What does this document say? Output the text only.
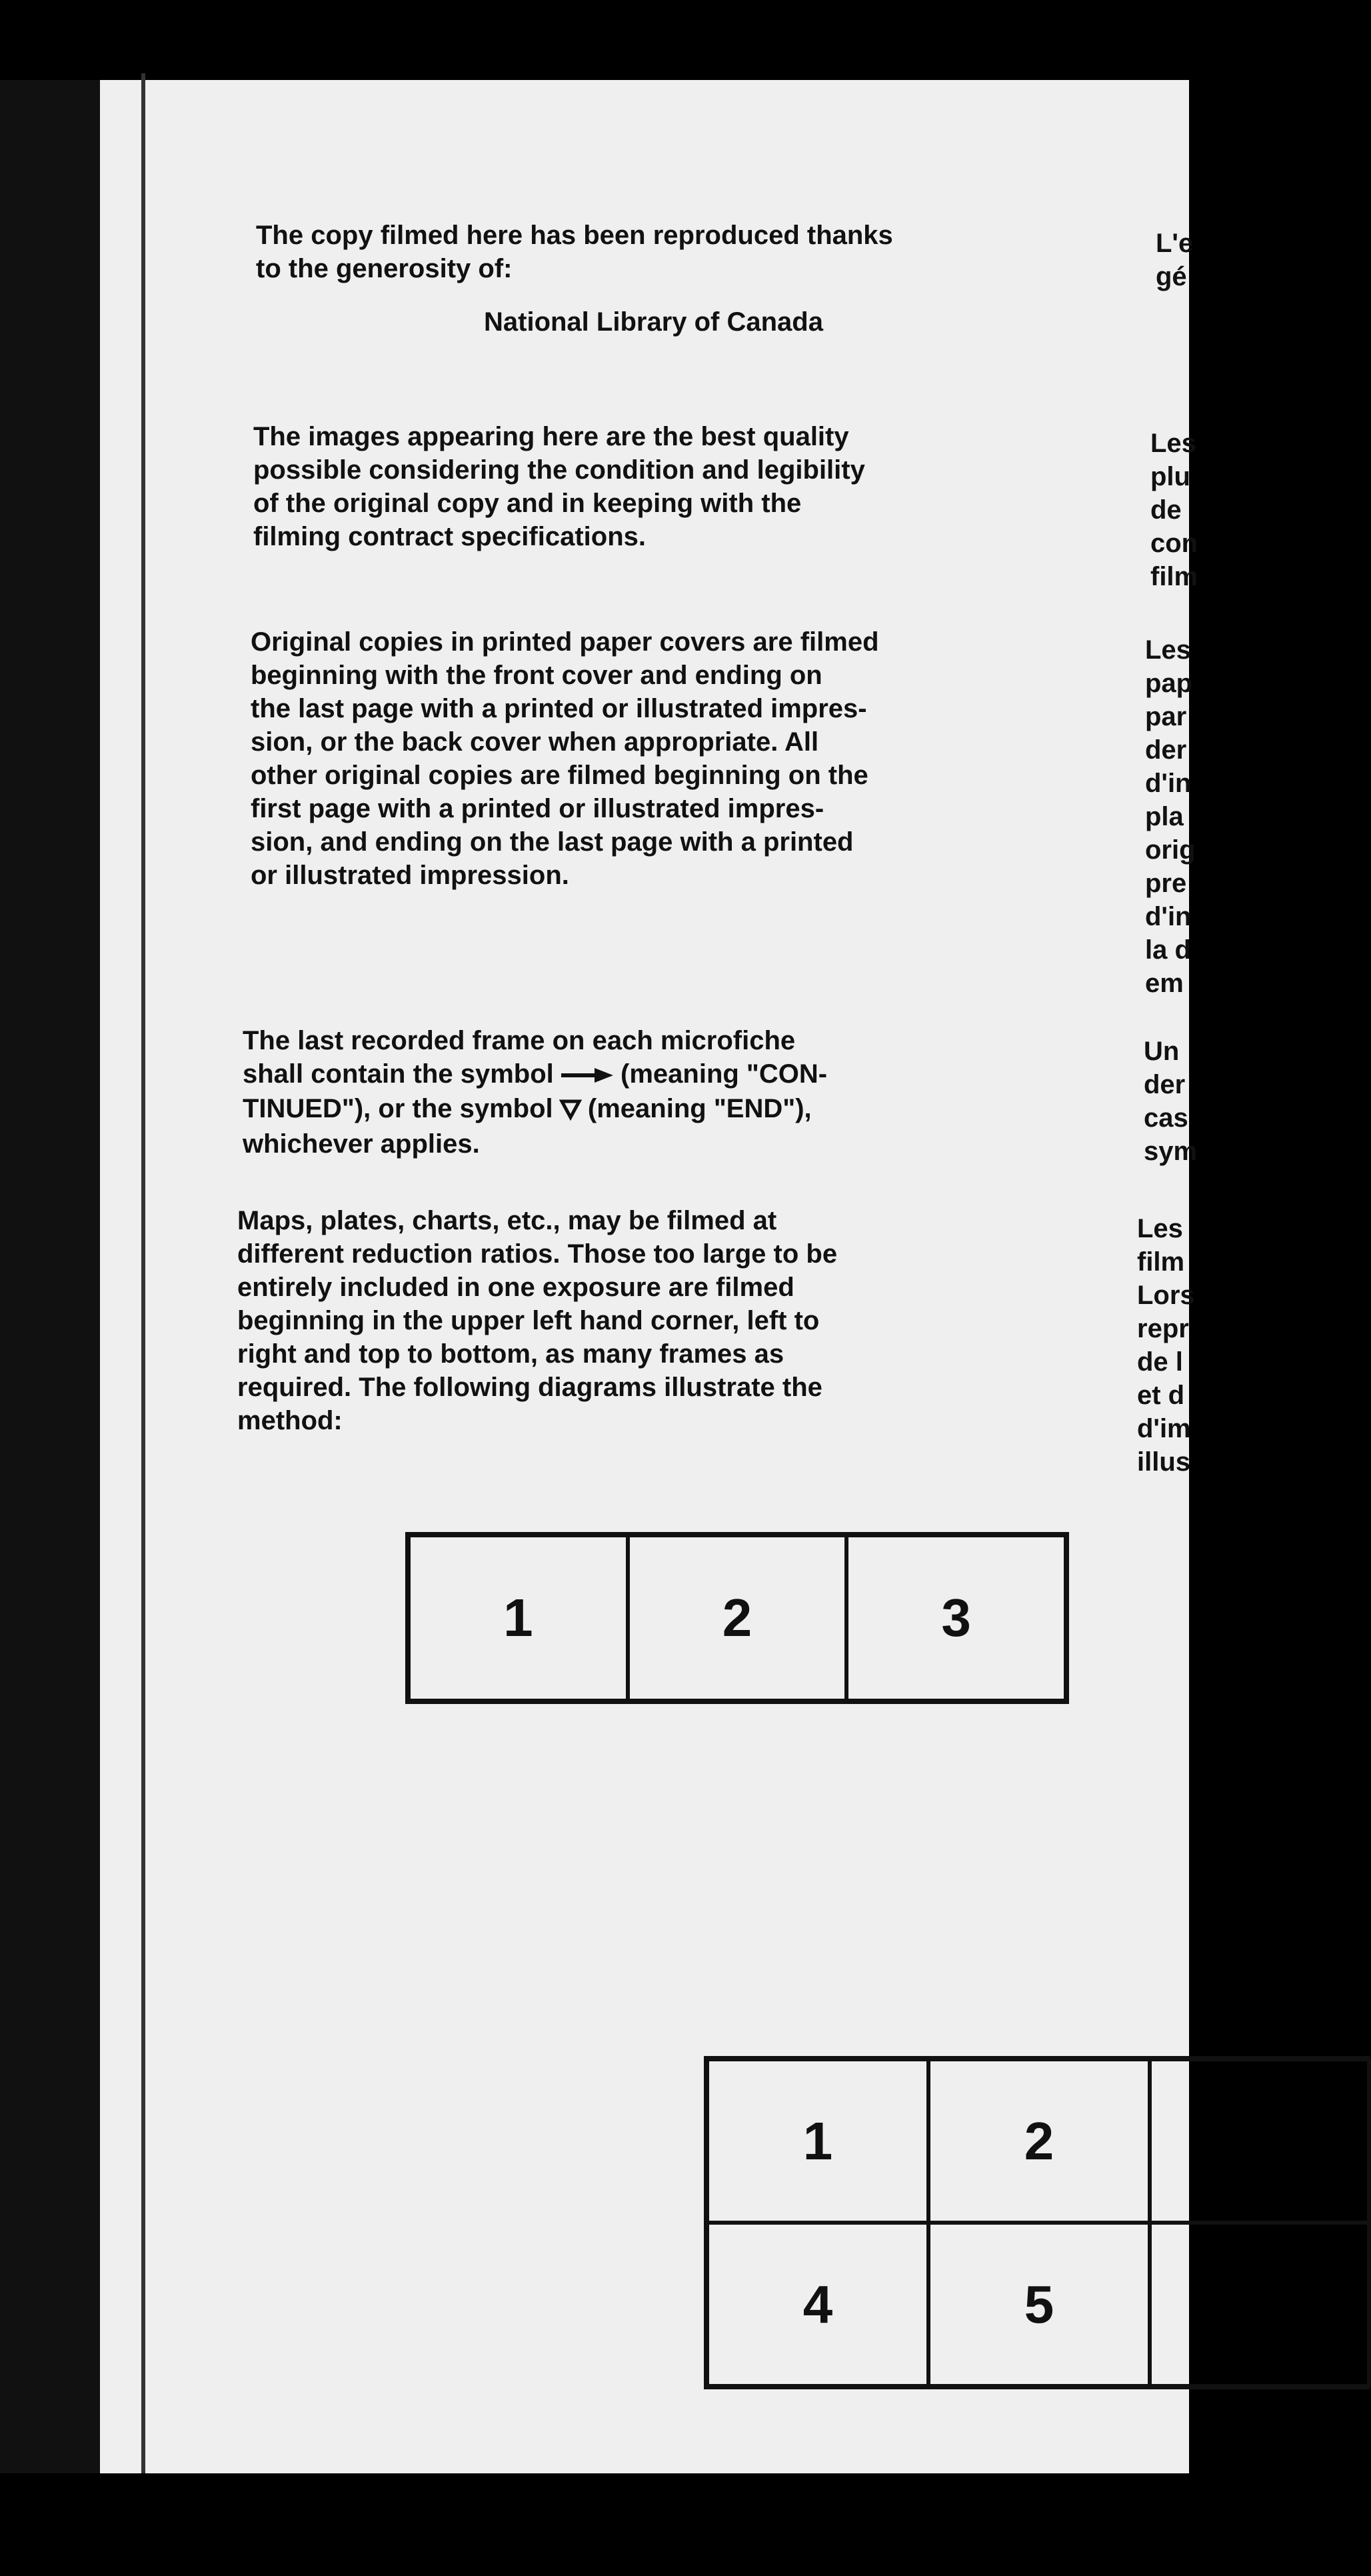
The copy filmed here has been reproduced thanks
to the generosity of:

National Library of Canada

The images appearing here are the best quality
possible considering the condition and legibility
of the original copy and in keeping with the
filming contract specifications.

Original copies in printed paper covers are filmed
beginning with the front cover and ending on
the last page with a printed or illustrated impres-
sion, or the back cover when appropriate. All
other original copies are filmed beginning on the
first page with a printed or illustrated impres-
sion, and ending on the last page with a printed
or illustrated impression.

The last recorded frame on each microfiche
shall contain the symbol	(meaning "CON-
TINUED"), or the symbol (meaning "END"),
whichever applies.

Maps, plates, charts, etc., may be filmed at
different reduction ratios. Those too large to be
entirely included in one exposure are filmed
beginning in the upper left hand corner, left to
right and top to bottom, as many frames as
required. The following diagrams illustrate the
method:

1	2	3
1	2
4	5
L'e
gé
Les
plu
de
con
film
Les
pap
par
der
d'in
pla
orig
pre
d'in
la d
em
Un
der
cas
sym
Les
film
Lors
repr
de l
et d
d'im
illus
